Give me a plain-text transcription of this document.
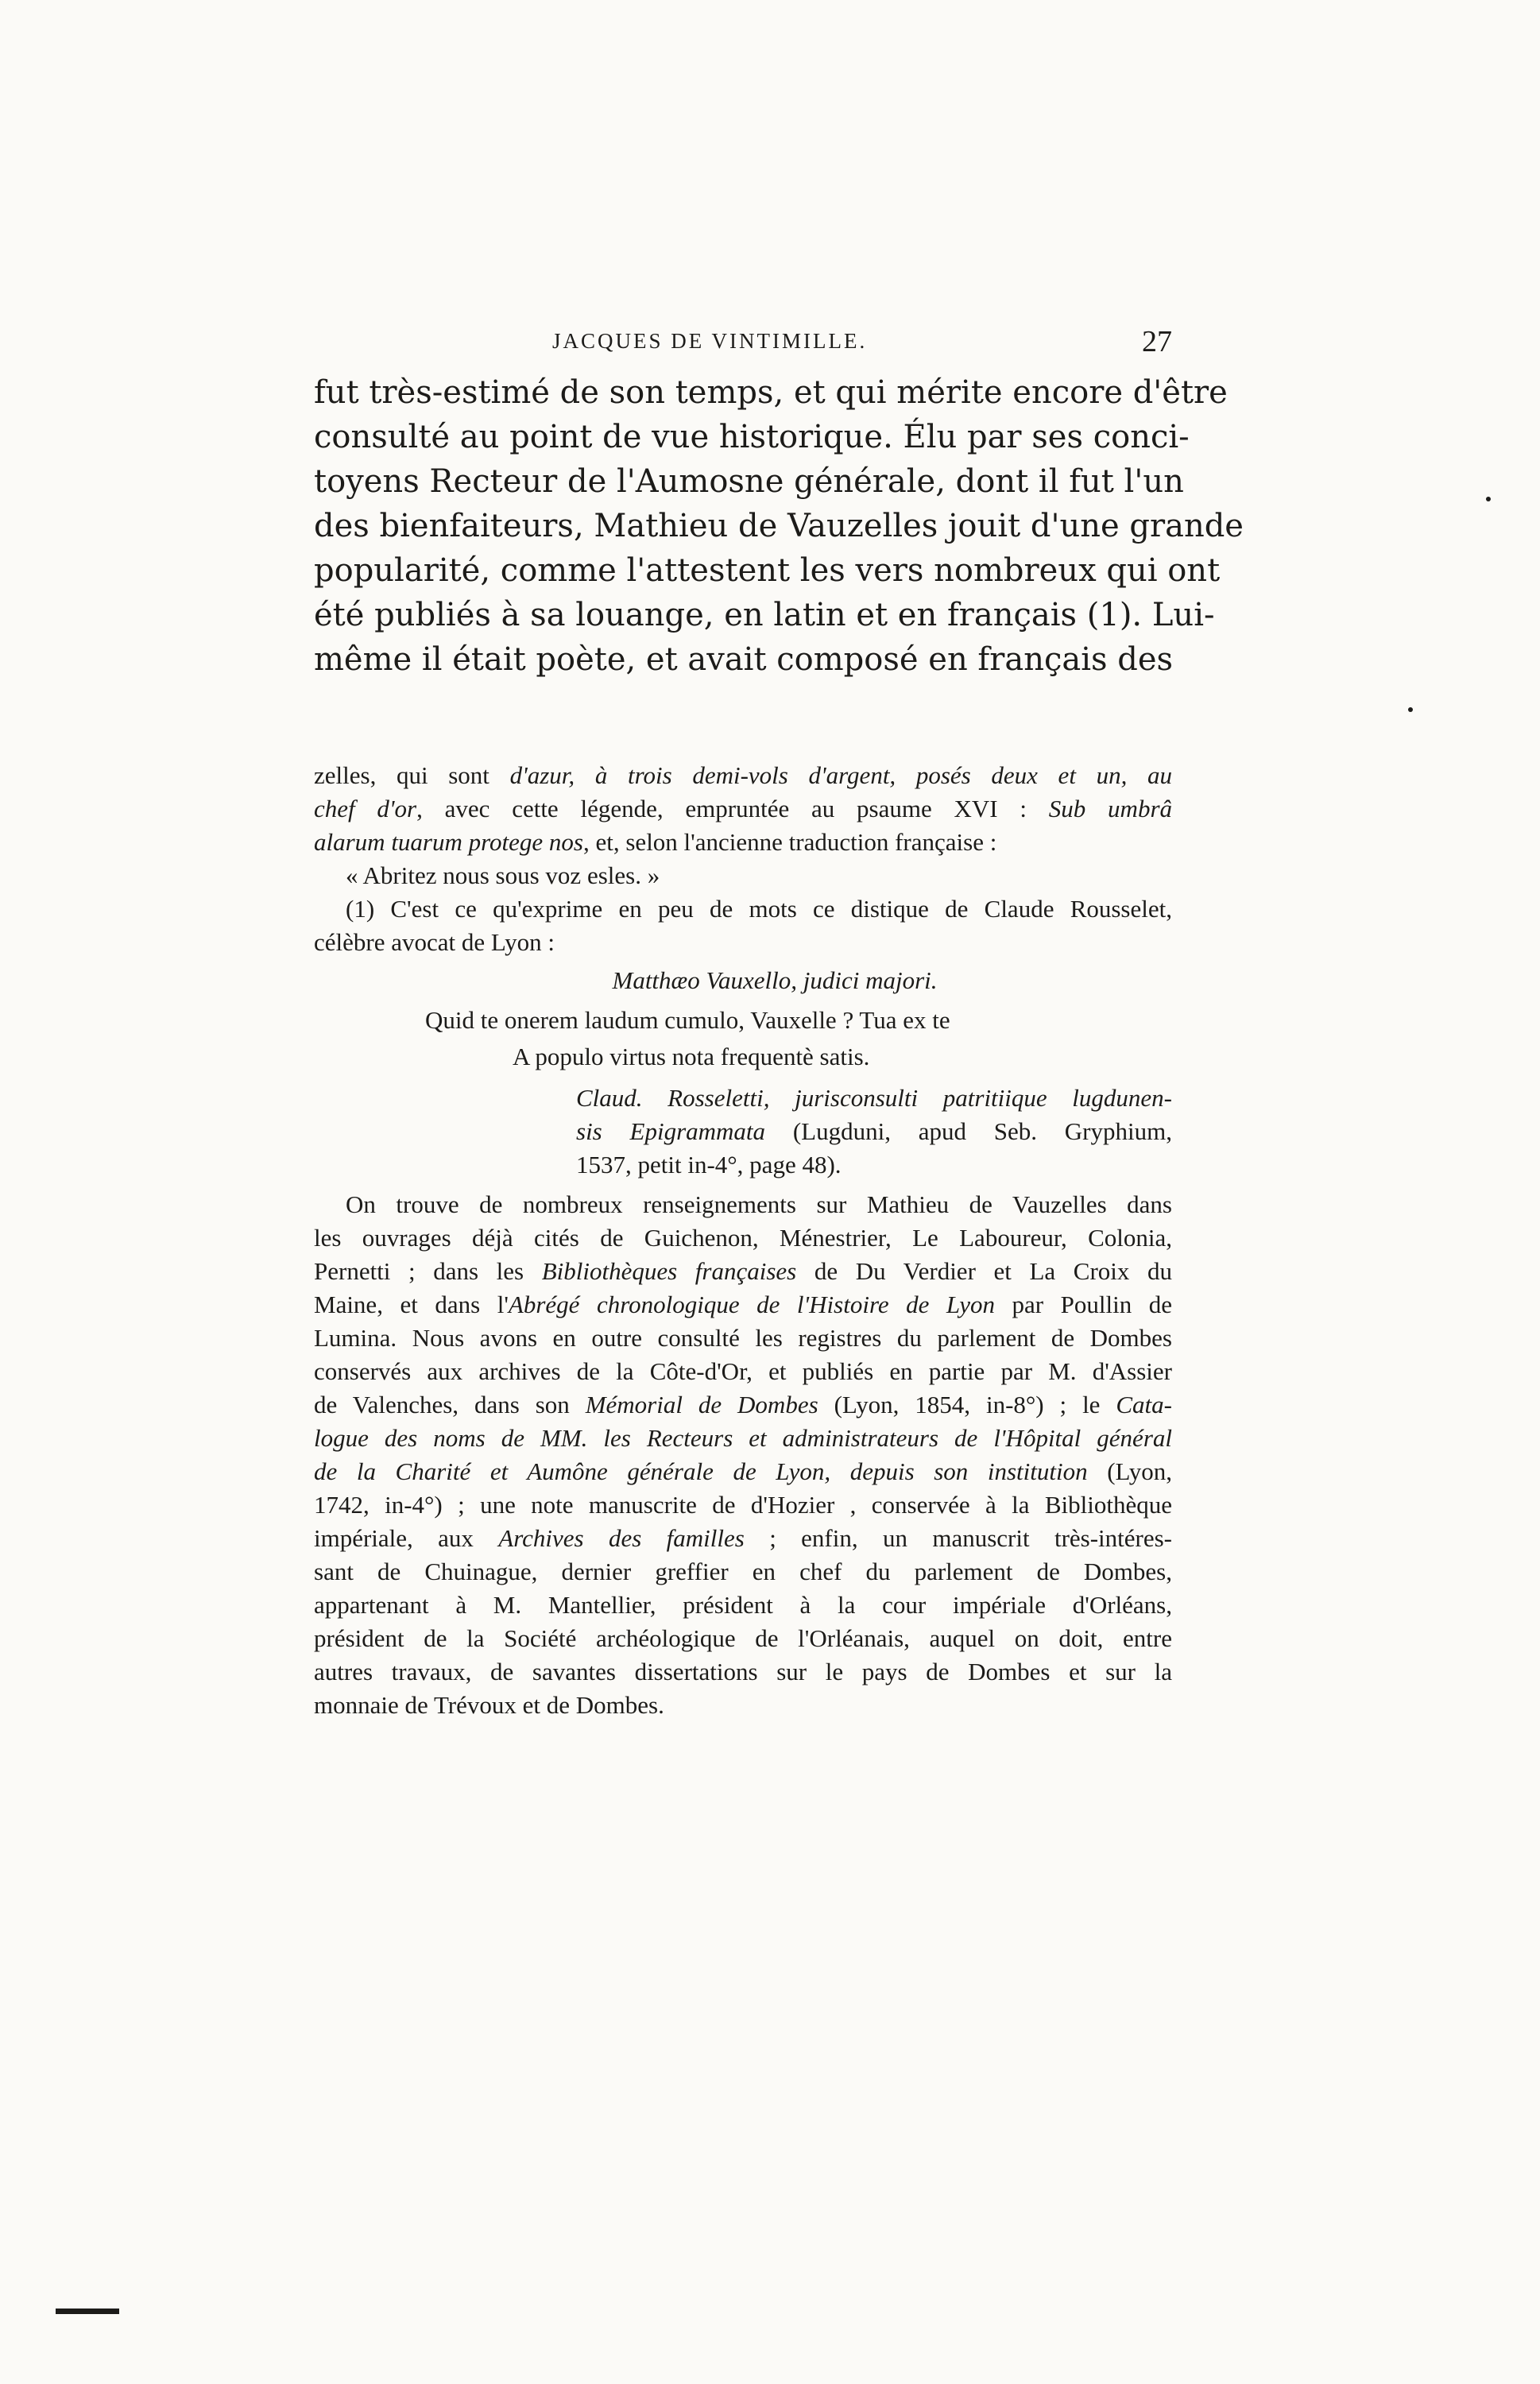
JACQUES DE VINTIMILLE.	27
fut très-estimé de son temps, et qui mérite encore d'être
consulté au point de vue historique. Élu par ses conci-
toyens Recteur de l'Aumosne générale, dont il fut l'un
des bienfaiteurs, Mathieu de Vauzelles jouit d'une grande
popularité, comme l'attestent les vers nombreux qui ont
été publiés à sa louange, en latin et en français (1). Lui-
même il était poète, et avait composé en français des
zelles, qui sont d'azur, à trois demi-vols d'argent, posés deux et un, au
chef d'or, avec cette légende, empruntée au psaume XVI : Sub umbrâ
alarum tuarum protege nos, et, selon l'ancienne traduction française :
« Abritez nous sous voz esles. »
(1) C'est ce qu'exprime en peu de mots ce distique de Claude Rousselet,
célèbre avocat de Lyon :
Matthæo Vauxello, judici majori.
Quid te onerem laudum cumulo, Vauxelle ? Tua ex te
A populo virtus nota frequentè satis.
Claud. Rosseletti, jurisconsulti patritiique lugdunen-
sis Epigrammata (Lugduni, apud Seb. Gryphium,
1537, petit in-4°, page 48).
On trouve de nombreux renseignements sur Mathieu de Vauzelles dans
les ouvrages déjà cités de Guichenon, Ménestrier, Le Laboureur, Colonia,
Pernetti ; dans les Bibliothèques françaises de Du Verdier et La Croix du
Maine, et dans l'Abrégé chronologique de l'Histoire de Lyon par Poullin de
Lumina. Nous avons en outre consulté les registres du parlement de Dombes
conservés aux archives de la Côte-d'Or, et publiés en partie par M. d'Assier
de Valenches, dans son Mémorial de Dombes (Lyon, 1854, in-8°) ; le Cata-
logue des noms de MM. les Recteurs et administrateurs de l'Hôpital général
de la Charité et Aumône générale de Lyon, depuis son institution (Lyon,
1742, in-4°) ; une note manuscrite de d'Hozier , conservée à la Bibliothèque
impériale, aux Archives des familles ; enfin, un manuscrit très-intéres-
sant de Chuinague, dernier greffier en chef du parlement de Dombes,
appartenant à M. Mantellier, président à la cour impériale d'Orléans,
président de la Société archéologique de l'Orléanais, auquel on doit, entre
autres travaux, de savantes dissertations sur le pays de Dombes et sur la
monnaie de Trévoux et de Dombes.
